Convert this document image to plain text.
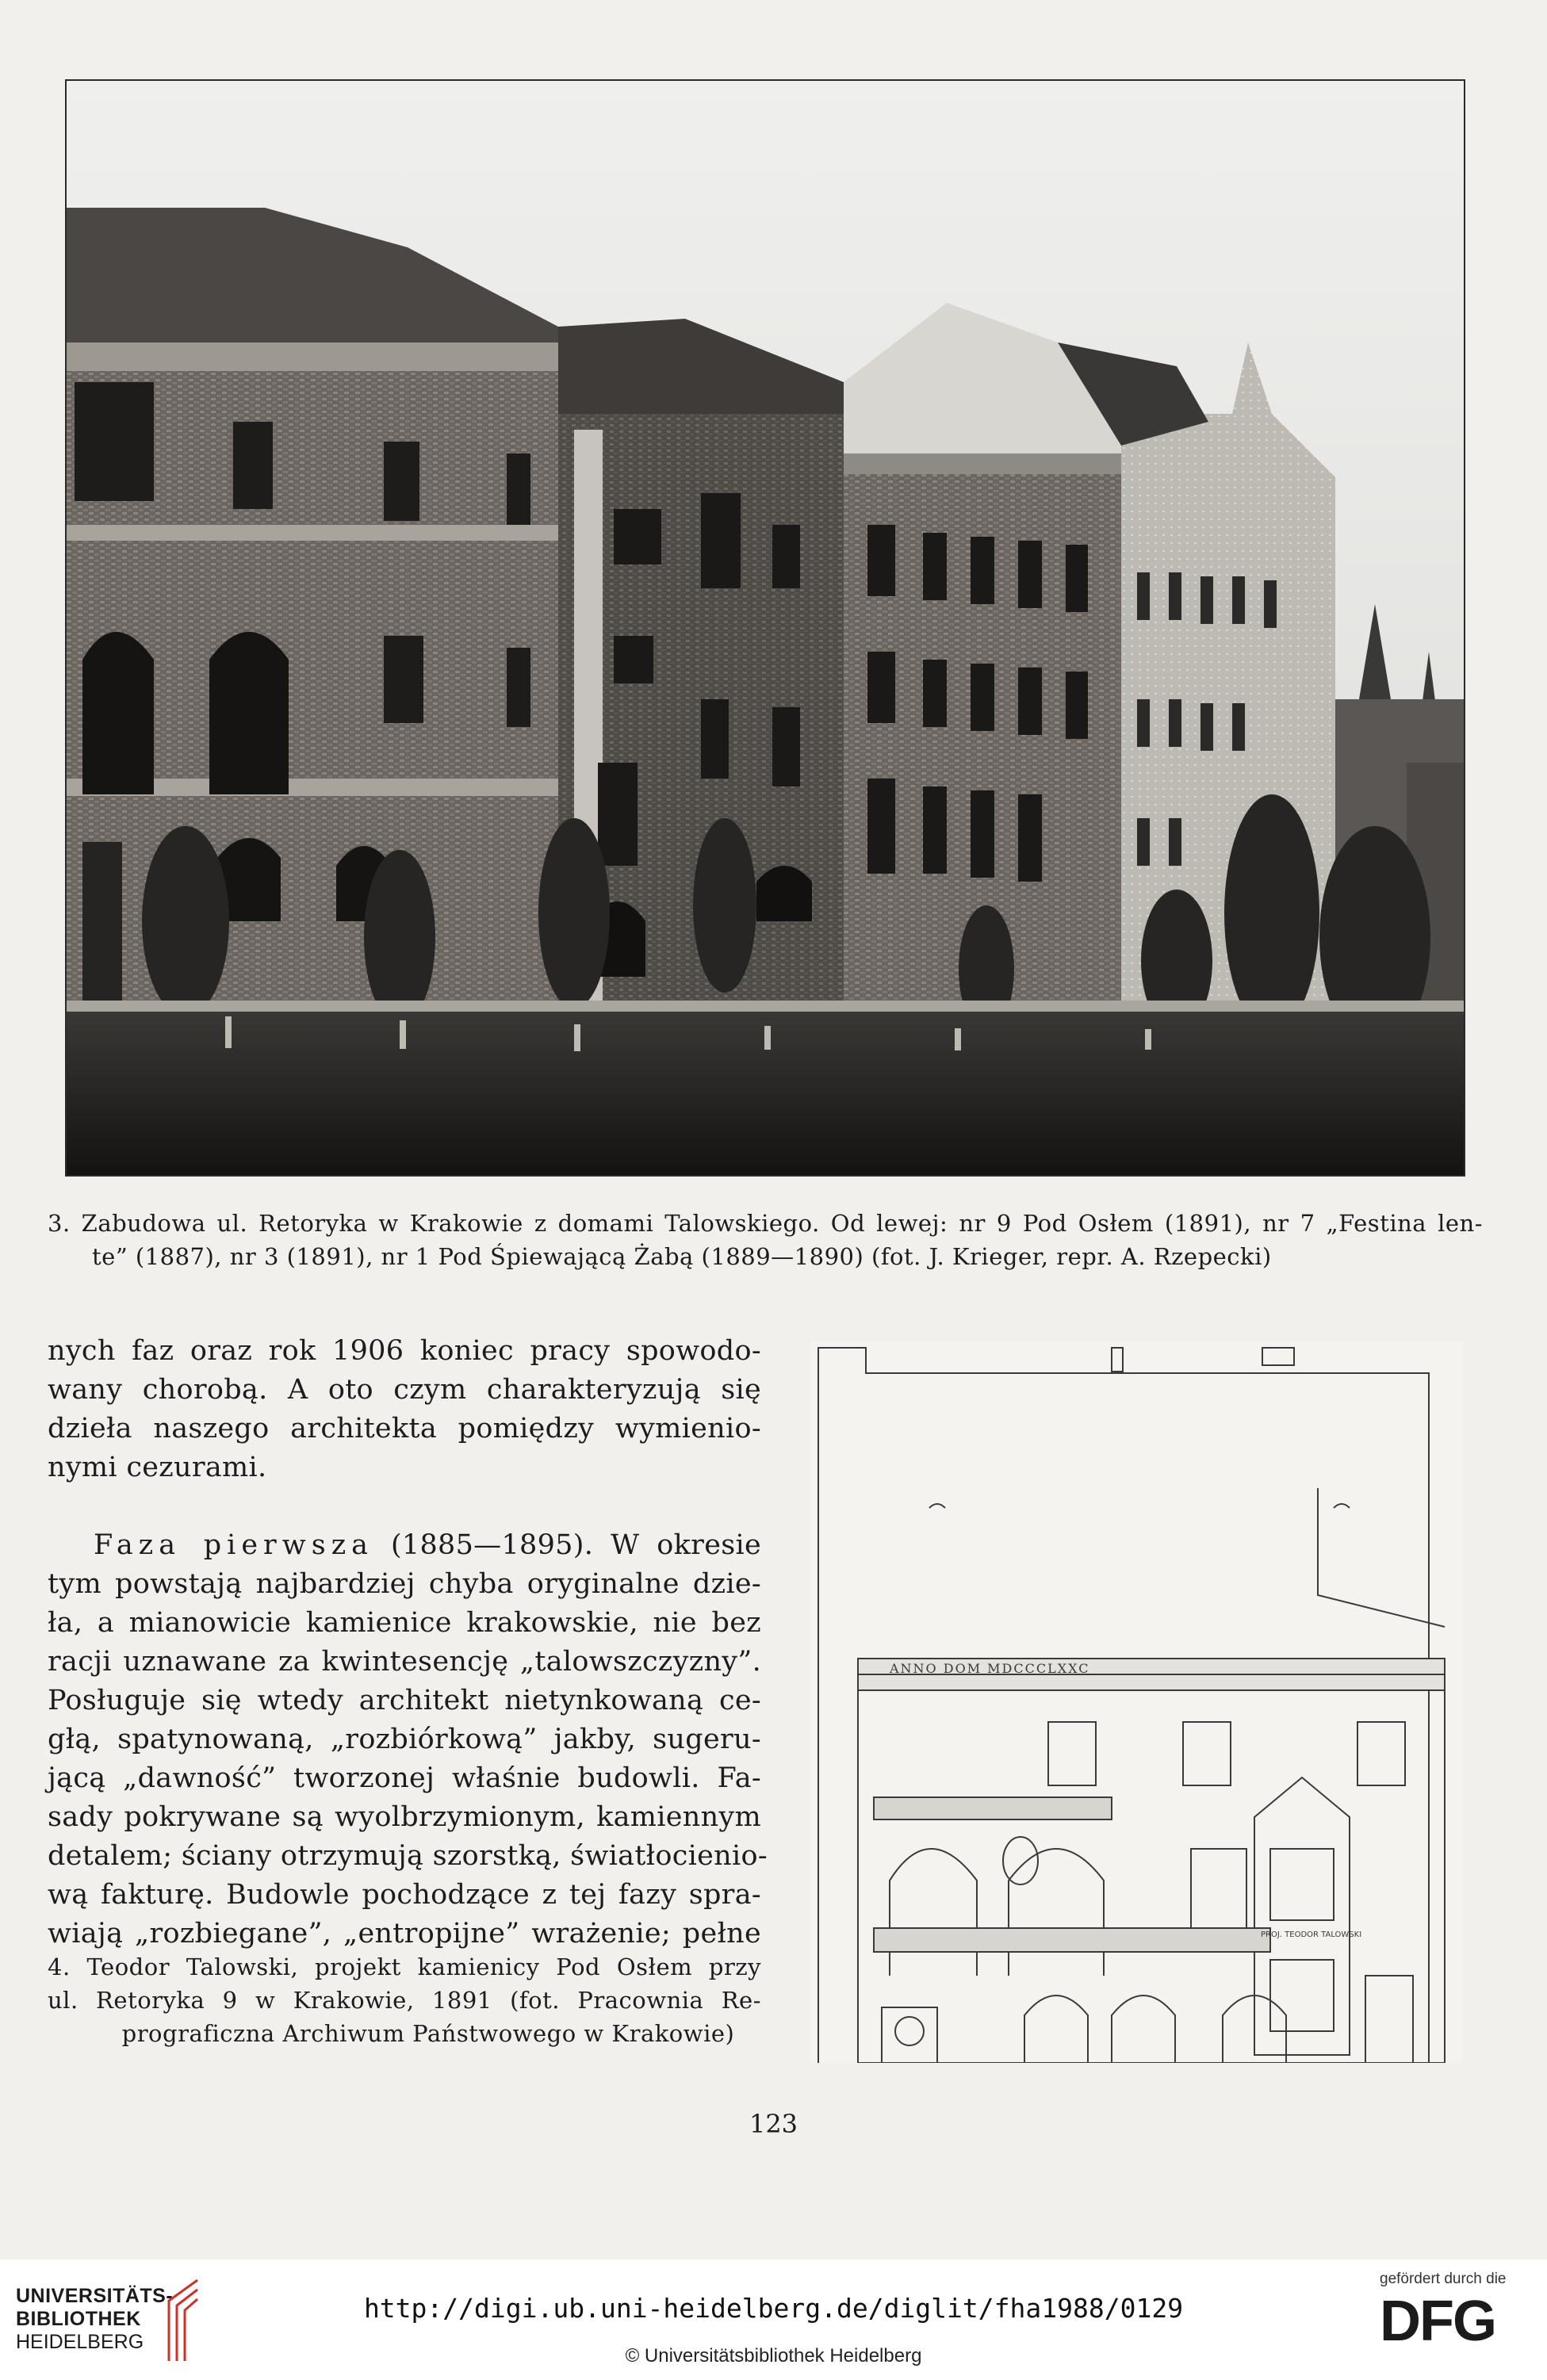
3. Zabudowa ul. Retoryka w Krakowie z domami Talowskiego. Od lewej: nr 9 Pod Osłem (1891), nr 7 „Festina len-
te” (1887), nr 3 (1891), nr 1 Pod Śpiewającą Żabą (1889—1890) (fot. J. Krieger, repr. A. Rzepecki)
nych faz oraz rok 1906 koniec pracy spowodo-
wany chorobą. A oto czym charakteryzują się
dzieła naszego architekta pomiędzy wymienio-
nymi cezurami.
Faza pierwsza (1885—1895). W okresie
tym powstają najbardziej chyba oryginalne dzie-
ła, a mianowicie kamienice krakowskie, nie bez
racji uznawane za kwintesencję „talowszczyzny”.
Posługuje się wtedy architekt nietynkowaną ce-
głą, spatynowaną, „rozbiórkową” jakby, sugeru-
jącą „dawność” tworzonej właśnie budowli. Fa-
sady pokrywane są wyolbrzymionym, kamiennym
detalem; ściany otrzymują szorstką, światłocienio-
wą fakturę. Budowle pochodzące z tej fazy spra-
wiają „rozbiegane”, „entropijne” wrażenie; pełne
ANNO DOM MDCCCLXXC
PROJ. TEODOR TALOWSKI
4. Teodor Talowski, projekt kamienicy Pod Osłem przy
ul. Retoryka 9 w Krakowie, 1891 (fot. Pracownia Re-
prograficzna Archiwum Państwowego w Krakowie)
123
UNIVERSITÄTS-
BIBLIOTHEK
HEIDELBERG
http://digi.ub.uni-heidelberg.de/diglit/fha1988/0129
© Universitätsbibliothek Heidelberg
gefördert durch die
DFG
